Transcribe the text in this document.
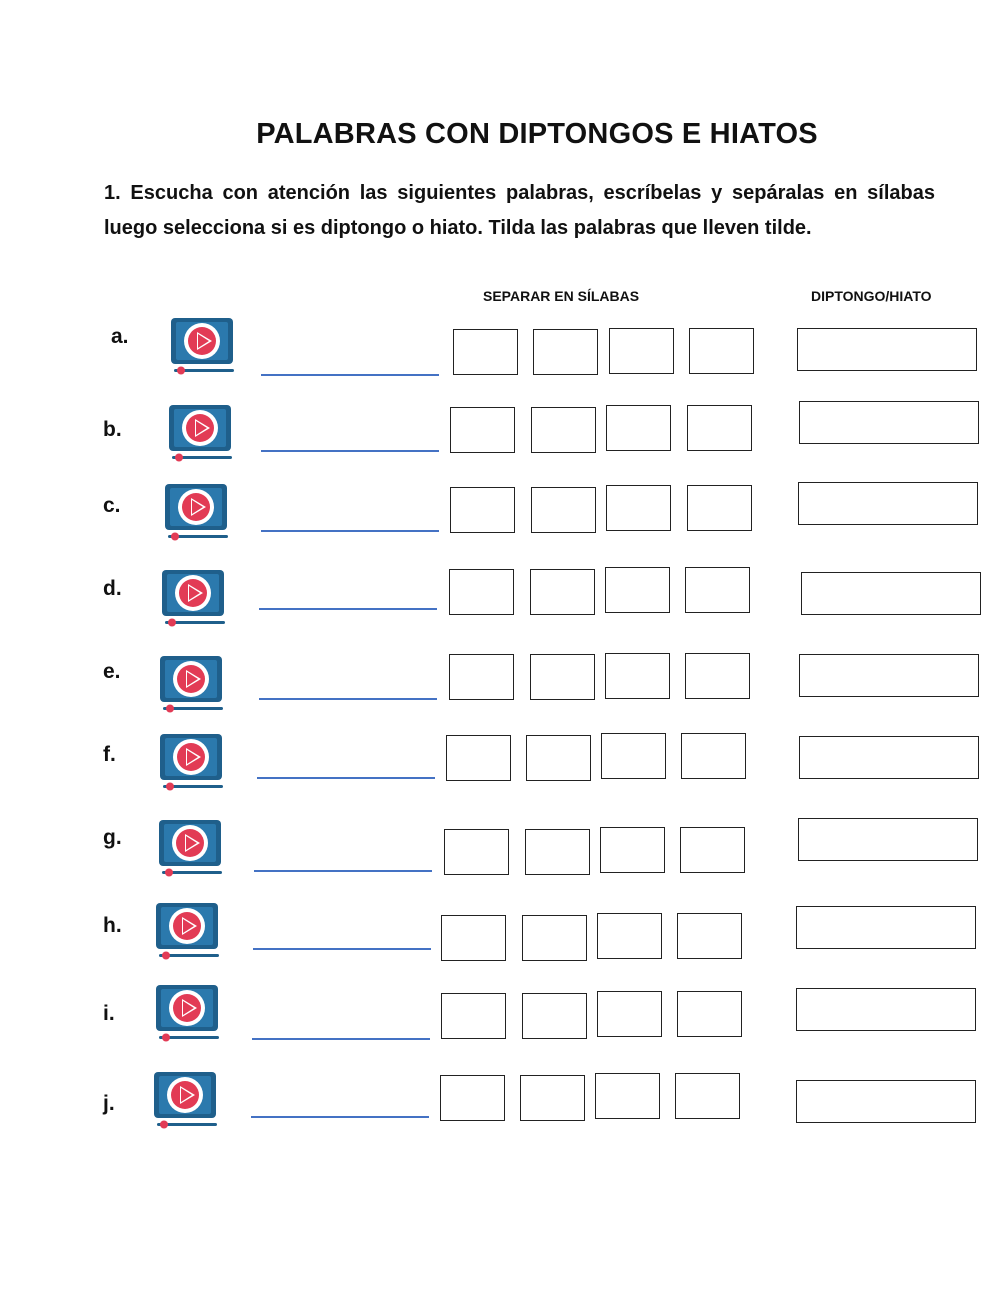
PALABRAS CON DIPTONGOS E HIATOS
1. Escucha con atención las siguientes palabras, escríbelas y sepáralas en sílabas luego selecciona si es diptongo o hiato. Tilda las palabras que lleven tilde.
SEPARAR EN SÍLABAS	DIPTONGO/HIATO
a.
b.
c.
d.
e.
f.
g.
h.
i.
j.
